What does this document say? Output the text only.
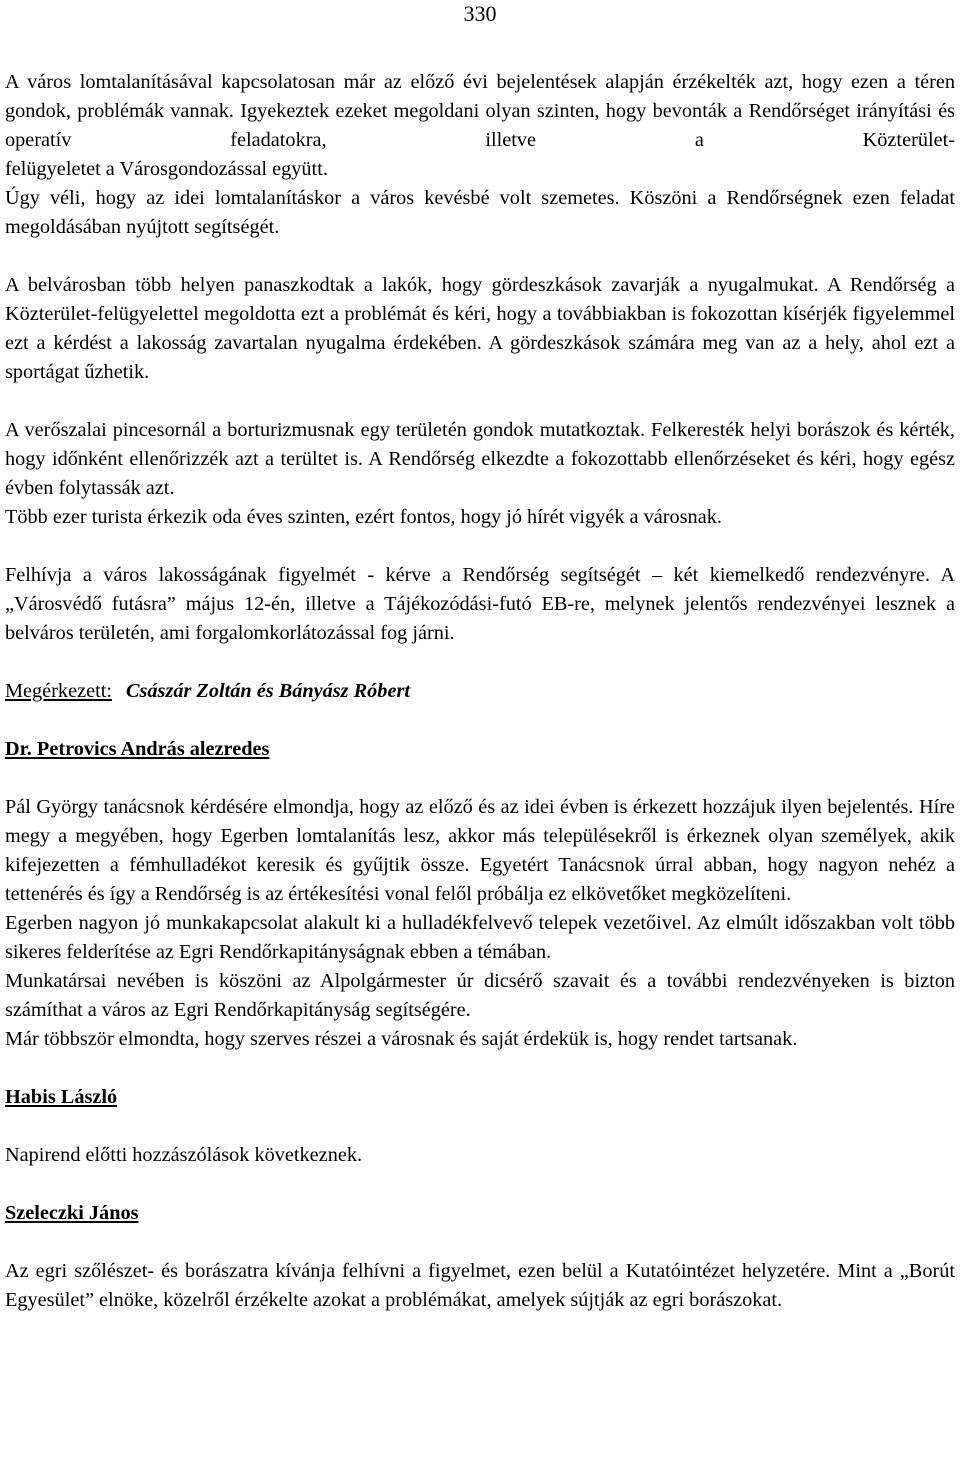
330

A város lomtalanításával kapcsolatosan már az előző évi bejelentések alapján érzékelték azt, hogy ezen a téren gondok, problémák vannak. Igyekeztek ezeket megoldani olyan szinten, hogy bevonták a Rendőrséget irányítási és operatív feladatokra, illetve a Közterület-

felügyeletet a Városgondozással együtt.

Úgy véli, hogy az idei lomtalanításkor a város kevésbé volt szemetes. Köszöni a Rendőrségnek ezen feladat megoldásában nyújtott segítségét.

A belvárosban több helyen panaszkodtak a lakók, hogy gördeszkások zavarják a nyugalmukat. A Rendőrség a Közterület-felügyelettel megoldotta ezt a problémát és kéri, hogy a továbbiakban is fokozottan kísérjék figyelemmel ezt a kérdést a lakosság zavartalan nyugalma érdekében. A gördeszkások számára meg van az a hely, ahol ezt a sportágat űzhetik.

A verőszalai pincesornál a borturizmusnak egy területén gondok mutatkoztak. Felkeresték helyi borászok és kérték, hogy időnként ellenőrizzék azt a terültet is. A Rendőrség elkezdte a fokozottabb ellenőrzéseket és kéri, hogy egész évben folytassák azt.

Több ezer turista érkezik oda éves szinten, ezért fontos, hogy jó hírét vigyék a városnak.

Felhívja a város lakosságának figyelmét - kérve a Rendőrség segítségét – két kiemelkedő rendezvényre. A „Városvédő futásra” május 12-én, illetve a Tájékozódási-futó EB-re, melynek jelentős rendezvényei lesznek a belváros területén, ami forgalomkorlátozással fog járni.

Megérkezett: Császár Zoltán és Bányász Róbert

Dr. Petrovics András alezredes

Pál György tanácsnok kérdésére elmondja, hogy az előző és az idei évben is érkezett hozzájuk ilyen bejelentés. Híre megy a megyében, hogy Egerben lomtalanítás lesz, akkor más településekről is érkeznek olyan személyek, akik kifejezetten a fémhulladékot keresik és gyűjtik össze. Egyetért Tanácsnok úrral abban, hogy nagyon nehéz a tettenérés és így a Rendőrség is az értékesítési vonal felől próbálja ez elkövetőket megközelíteni.

Egerben nagyon jó munkakapcsolat alakult ki a hulladékfelvevő telepek vezetőivel. Az elmúlt időszakban volt több sikeres felderítése az Egri Rendőrkapitányságnak ebben a témában.

Munkatársai nevében is köszöni az Alpolgármester úr dicsérő szavait és a további rendezvényeken is bizton számíthat a város az Egri Rendőrkapitányság segítségére.

Már többször elmondta, hogy szerves részei a városnak és saját érdekük is, hogy rendet tartsanak.

Habis László

Napirend előtti hozzászólások következnek.

Szeleczki János

Az egri szőlészet- és borászatra kívánja felhívni a figyelmet, ezen belül a Kutatóintézet helyzetére. Mint a „Borút Egyesület” elnöke, közelről érzékelte azokat a problémákat, amelyek sújtják az egri borászokat.
